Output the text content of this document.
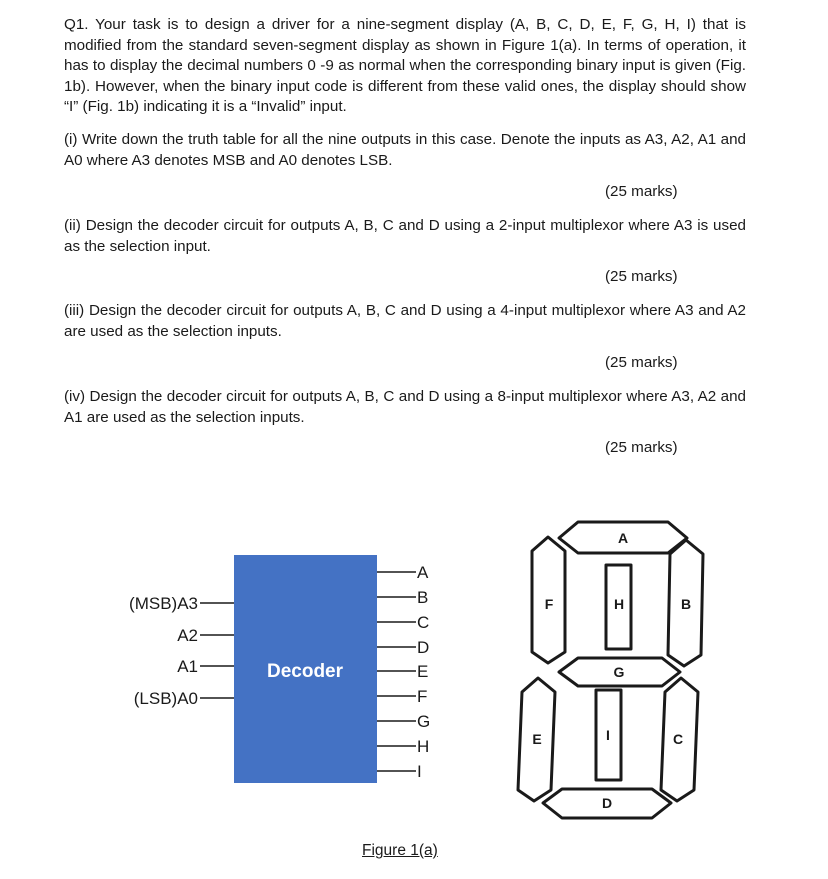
Q1. Your task is to design a driver for a nine-segment display (A, B, C, D, E, F, G, H, I) that is modified from the standard seven-segment display as shown in Figure 1(a). In terms of operation, it has to display the decimal numbers 0 -9 as normal when the corresponding binary input is given (Fig. 1b). However, when the binary input code is different from these valid ones, the display should show “I” (Fig. 1b) indicating it is a “Invalid” input.

(i) Write down the truth table for all the nine outputs in this case. Denote the inputs as A3, A2, A1 and A0 where A3 denotes MSB and A0 denotes LSB.

(25 marks)

(ii) Design the decoder circuit for outputs A, B, C and D using a 2-input multiplexor where A3 is used as the selection input.

(25 marks)

(iii) Design the decoder circuit for outputs A, B, C and D using a 4-input multiplexor where A3 and A2 are used as the selection inputs.

(25 marks)

(iv) Design the decoder circuit for outputs A, B, C and D using a 8-input multiplexor where A3, A2 and A1 are used as the selection inputs.

(25 marks)
Decoder
(MSB)A3
A2
A1
(LSB)A0
A
B
C
D
E
F
G
H
I
A
B
C
D
E
F
G
H
I
Figure 1(a)
